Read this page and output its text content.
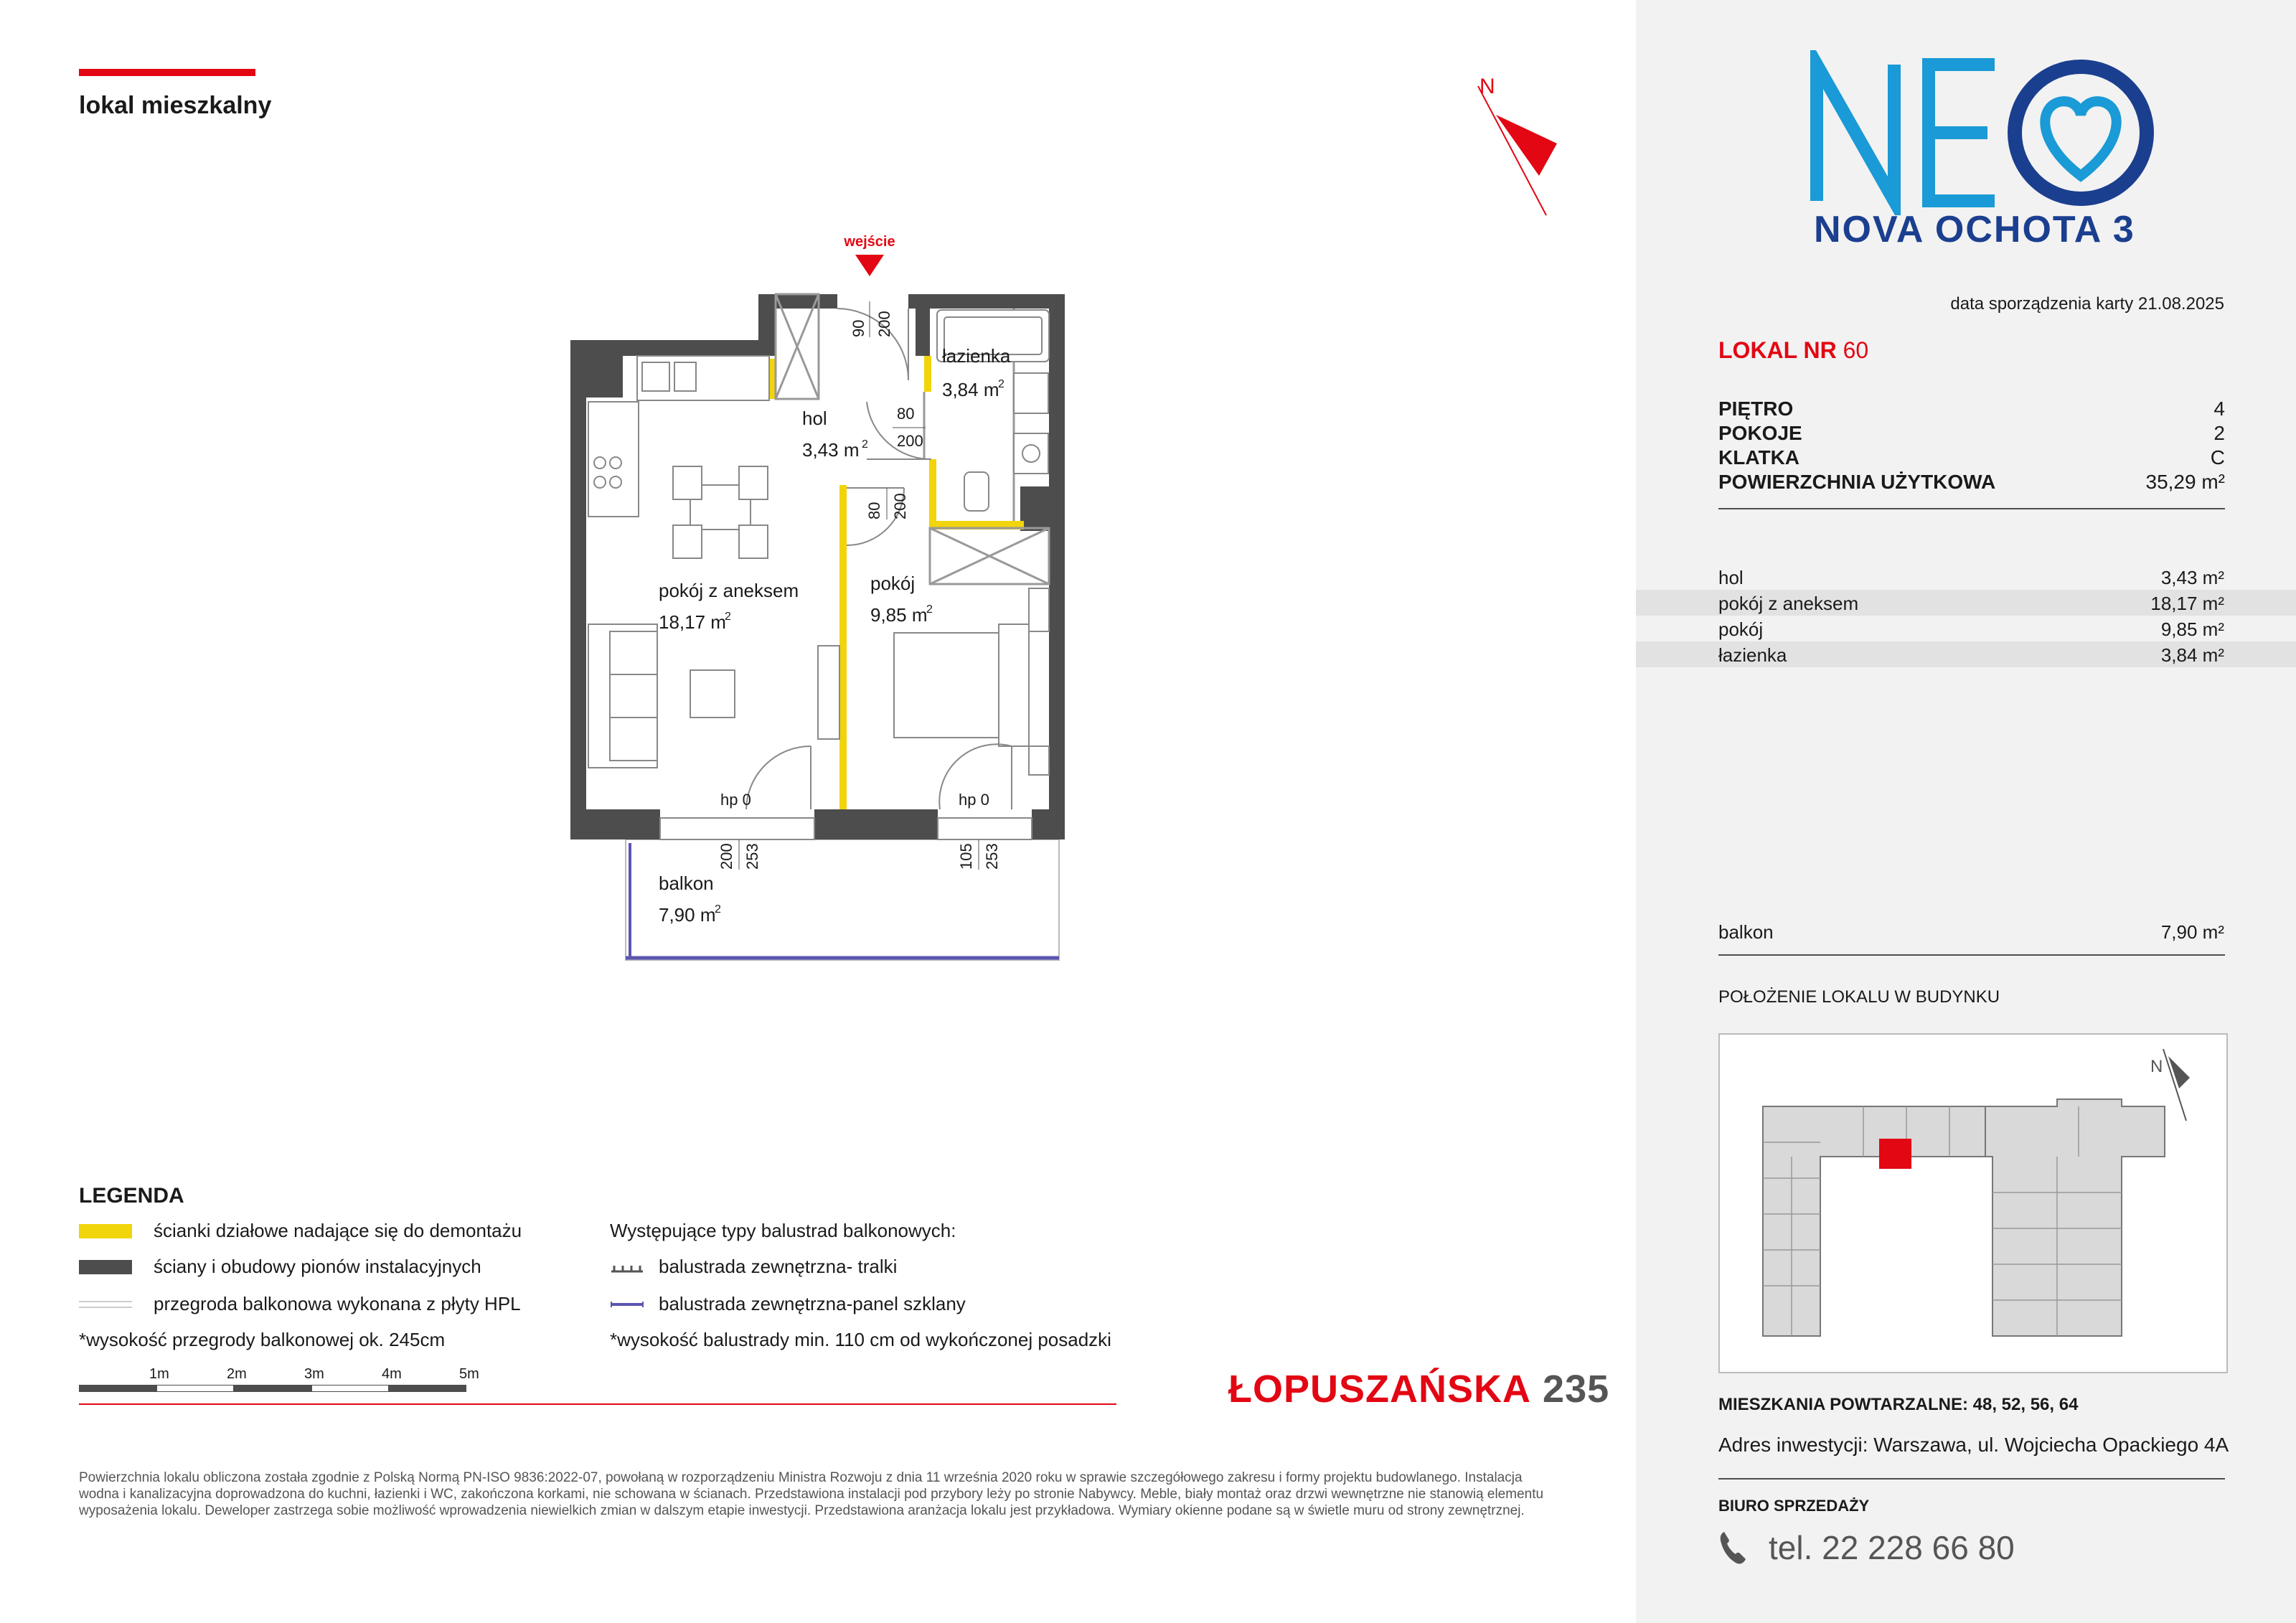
lokal mieszkalny
N
wejście
hol
3,43 m 2
łazienka
3,84 m
2
pokój z aneksem
18,17 m
2
pokój
9,85 m
2
balkon
7,90 m
2
90 200
80
200
80 200
200 253	105 253
hp 0	hp 0
LEGENDA
ścianki działowe nadające się do demontażu
ściany i obudowy pionów instalacyjnych
przegroda balkonowa wykonana z płyty HPL
*wysokość przegrody balkonowej ok. 245cm
Występujące typy balustrad balkonowych:
balustrada zewnętrzna- tralki
balustrada zewnętrzna-panel szklany
*wysokość balustrady min. 110 cm od wykończonej posadzki
1m	2m	3m	4m	5m	ŁOPUSZAŃSKA 235
Powierzchnia lokalu obliczona została zgodnie z Polską Normą PN-ISO 9836:2022-07, powołaną w rozporządzeniu Ministra Rozwoju z dnia 11 września 2020 roku w sprawie szczegółowego zakresu i formy projektu budowlanego. Instalacja wodna i kanalizacyjna doprowadzona do kuchni, łazienki i WC, zakończona korkami, nie schowana w ścianach. Przedstawiona instalacji pod przybory leży po stronie Nabywcy. Meble, biały montaż oraz drzwi wewnętrzne nie stanowią elementu wyposażenia lokalu. Deweloper zastrzega sobie możliwość wprowadzenia niewielkich zmian w dalszym etapie inwestycji. Przedstawiona aranżacja lokalu jest przykładowa. Wymiary okienne podane są w świetle muru od strony zewnętrznej.
NOVA OCHOTA 3
data sporządzenia karty 21.08.2025
LOKAL NR 60
PIĘTRO	4
POKOJE	2
KLATKA	C
POWIERZCHNIA UŻYTKOWA	35,29 m²
hol	3,43 m²
pokój z aneksem	18,17 m²
pokój	9,85 m²
łazienka	3,84 m²
balkon	7,90 m²
POŁOŻENIE LOKALU W BUDYNKU
N
MIESZKANIA POWTARZALNE: 48, 52, 56, 64
Adres inwestycji: Warszawa, ul. Wojciecha Opackiego 4A
BIURO SPRZEDAŻY
tel. 22 228 66 80
